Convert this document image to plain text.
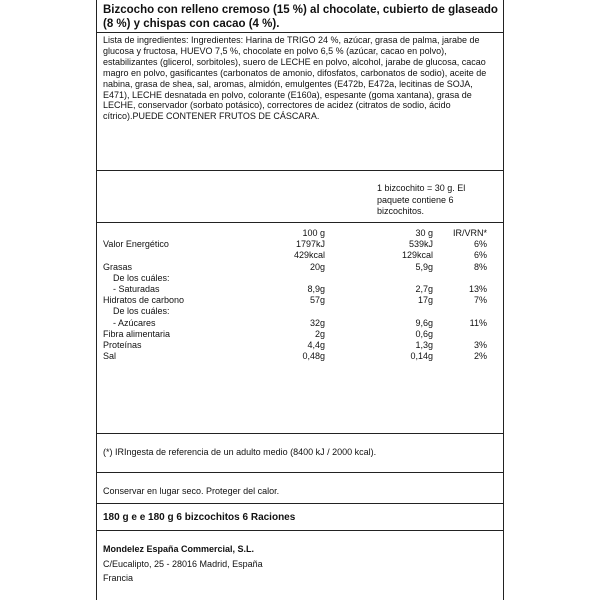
Bizcocho con relleno cremoso (15 %) al chocolate, cubierto de glaseado (8 %) y chispas con cacao (4 %).
Lista de ingredientes: Ingredientes: Harina de TRIGO 24 %, azúcar, grasa de palma, jarabe de glucosa y fructosa, HUEVO 7,5 %, chocolate en polvo 6,5 % (azúcar, cacao en polvo), estabilizantes (glicerol, sorbitoles), suero de LECHE en polvo, alcohol, jarabe de glucosa, cacao magro en polvo, gasificantes (carbonatos de amonio, difosfatos, carbonatos de sodio), aceite de nabina, grasa de shea, sal, aromas, almidón, emulgentes (E472b, E472a, lecitinas de SOJA, E471), LECHE desnatada en polvo, colorante (E160a), espesante (goma xantana), grasa de LECHE, conservador (sorbato potásico), correctores de acidez (citratos de sodio, ácido cítrico).PUEDE CONTENER FRUTOS DE CÁSCARA.
1 bizcochito = 30 g. El paquete contiene 6 bizcochitos.
100 g	30 g IR/VRN*
Valor Energético	1797kJ	539kJ	6%
429kcal	129kcal	6%
Grasas	20g	5,9g	8%
De los cuáles:
- Saturadas	8,9g	2,7g	13%
Hidratos de carbono	57g	17g	7%
De los cuáles:
- Azúcares	32g	9,6g	11%
Fibra alimentaria	2g	0,6g
Proteínas	4,4g	1,3g	3%
Sal	0,48g	0,14g	2%
(*) IRIngesta de referencia de un adulto medio (8400 kJ / 2000 kcal).
Conservar en lugar seco. Proteger del calor.
180 g e e 180 g 6 bizcochitos 6 Raciones
Mondelez España Commercial, S.L.
C/Eucalipto, 25 - 28016 Madrid, España
Francia
